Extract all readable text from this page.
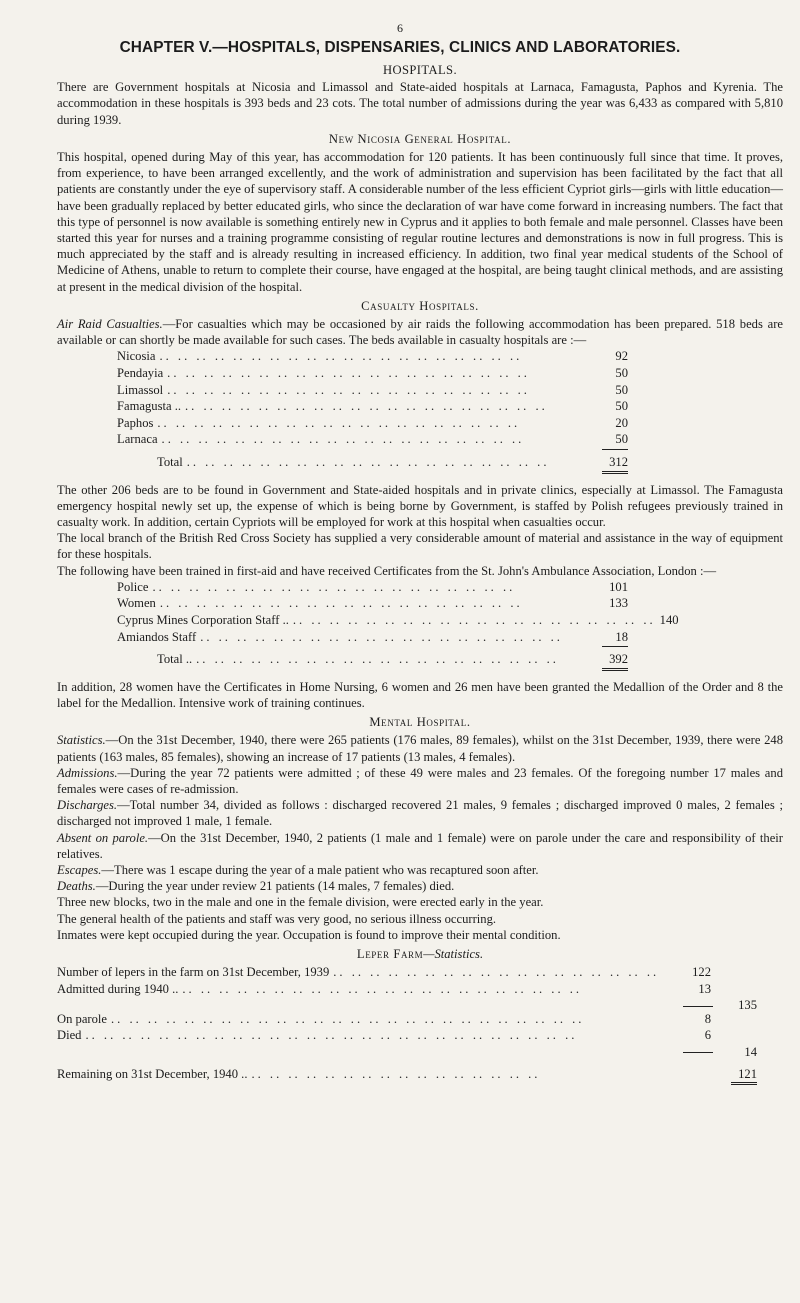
6
CHAPTER V.—HOSPITALS, DISPENSARIES, CLINICS AND LABORATORIES.
HOSPITALS.

There are Government hospitals at Nicosia and Limassol and State-aided hospitals at Larnaca, Famagusta, Paphos and Kyrenia. The accommodation in these hospitals is 393 beds and 23 cots. The total number of admissions during the year was 6,433 as compared with 5,810 during 1939.

New Nicosia General Hospital.

This hospital, opened during May of this year, has accommodation for 120 patients. It has been continuously full since that time. It proves, from experience, to have been arranged excellently, and the work of administration and supervision has been facilitated by the fact that all patients are constantly under the eye of supervisory staff. A considerable number of the less efficient Cypriot girls—girls with little education—have been gradually replaced by better educated girls, who since the declaration of war have come forward in increasing numbers. The fact that this type of personnel is now available is something entirely new in Cyprus and it applies to both female and male personnel. Classes have been started this year for nurses and a training programme consisting of regular routine lectures and demonstrations is now in full progress. This is much appreciated by the staff and is already resulting in increased efficiency. In addition, two final year medical students of the School of Medicine of Athens, unable to return to complete their course, have engaged at the hospital, are being taught clinical methods, and are assisting at present in the medical division of the hospital.

Casualty Hospitals.

Air Raid Casualties.—For casualties which may be occasioned by air raids the following accommodation has been prepared. 518 beds are available or can shortly be made available for such cases. The beds available in casualty hospitals are :—

Nicosia .. .. .. .. .. .. .. .. .. .. .. .. .. .. .. .. .. .. .. ..	92
Pendayia .. .. .. .. .. .. .. .. .. .. .. .. .. .. .. .. .. .. .. ..	50
Limassol .. .. .. .. .. .. .. .. .. .. .. .. .. .. .. .. .. .. .. ..	50
Famagusta .. .. .. .. .. .. .. .. .. .. .. .. .. .. .. .. .. .. .. .. ..	50
Paphos .. .. .. .. .. .. .. .. .. .. .. .. .. .. .. .. .. .. .. ..	20
Larnaca .. .. .. .. .. .. .. .. .. .. .. .. .. .. .. .. .. .. .. ..	50
Total .. .. .. .. .. .. .. .. .. .. .. .. .. .. .. .. .. .. .. ..	312

The other 206 beds are to be found in Government and State-aided hospitals and in private clinics, especially at Limassol. The Famagusta emergency hospital newly set up, the expense of which is being borne by Government, is staffed by Polish refugees previously trained in casualty work. In addition, certain Cypriots will be employed for work at this hospital when casualties occur.

The local branch of the British Red Cross Society has supplied a very considerable amount of material and assistance in the way of equipment for these hospitals.

The following have been trained in first-aid and have received Certificates from the St. John's Ambulance Association, London :—

Police .. .. .. .. .. .. .. .. .. .. .. .. .. .. .. .. .. .. .. ..	101
Women .. .. .. .. .. .. .. .. .. .. .. .. .. .. .. .. .. .. .. ..	133
Cyprus Mines Corporation Staff .. .. .. .. .. .. .. .. .. .. .. .. .. .. .. .. .. .. .. .. .. 140
Amiandos Staff .. .. .. .. .. .. .. .. .. .. .. .. .. .. .. .. .. .. .. ..	18
Total .. .. .. .. .. .. .. .. .. .. .. .. .. .. .. .. .. .. .. .. ..	392

In addition, 28 women have the Certificates in Home Nursing, 6 women and 26 men have been granted the Medallion of the Order and 8 the label for the Medallion. Intensive work of training continues.

Mental Hospital.

Statistics.—On the 31st December, 1940, there were 265 patients (176 males, 89 females), whilst on the 31st December, 1939, there were 248 patients (163 males, 85 females), showing an increase of 17 patients (13 males, 4 females).

Admissions.—During the year 72 patients were admitted ; of these 49 were males and 23 females. Of the foregoing number 17 males and females were cases of re-admission.

Discharges.—Total number 34, divided as follows : discharged recovered 21 males, 9 females ; discharged improved 0 males, 2 females ; discharged not improved 1 male, 1 female.

Absent on parole.—On the 31st December, 1940, 2 patients (1 male and 1 female) were on parole under the care and responsibility of their relatives.

Escapes.—There was 1 escape during the year of a male patient who was recaptured soon after.

Deaths.—During the year under review 21 patients (14 males, 7 females) died.

Three new blocks, two in the male and one in the female division, were erected early in the year.

The general health of the patients and staff was very good, no serious illness occurring.

Inmates were kept occupied during the year. Occupation is found to improve their mental condition.

Leper Farm—Statistics.
Number of lepers in the farm on 31st December, 1939 .. .. .. .. .. .. .. .. .. .. .. .. .. .. .. .. .. ..	122
Admitted during 1940 .. .. .. .. .. .. .. .. .. .. .. .. .. .. .. .. .. .. .. .. .. .. ..	13
135
On parole .. .. .. .. .. .. .. .. .. .. .. .. .. .. .. .. .. .. .. .. .. .. .. .. .. ..	8
Died .. .. .. .. .. .. .. .. .. .. .. .. .. .. .. .. .. .. .. .. .. .. .. .. .. .. ..	6
14
Remaining on 31st December, 1940 .. .. .. .. .. .. .. .. .. .. .. .. .. .. .. .. ..	121
